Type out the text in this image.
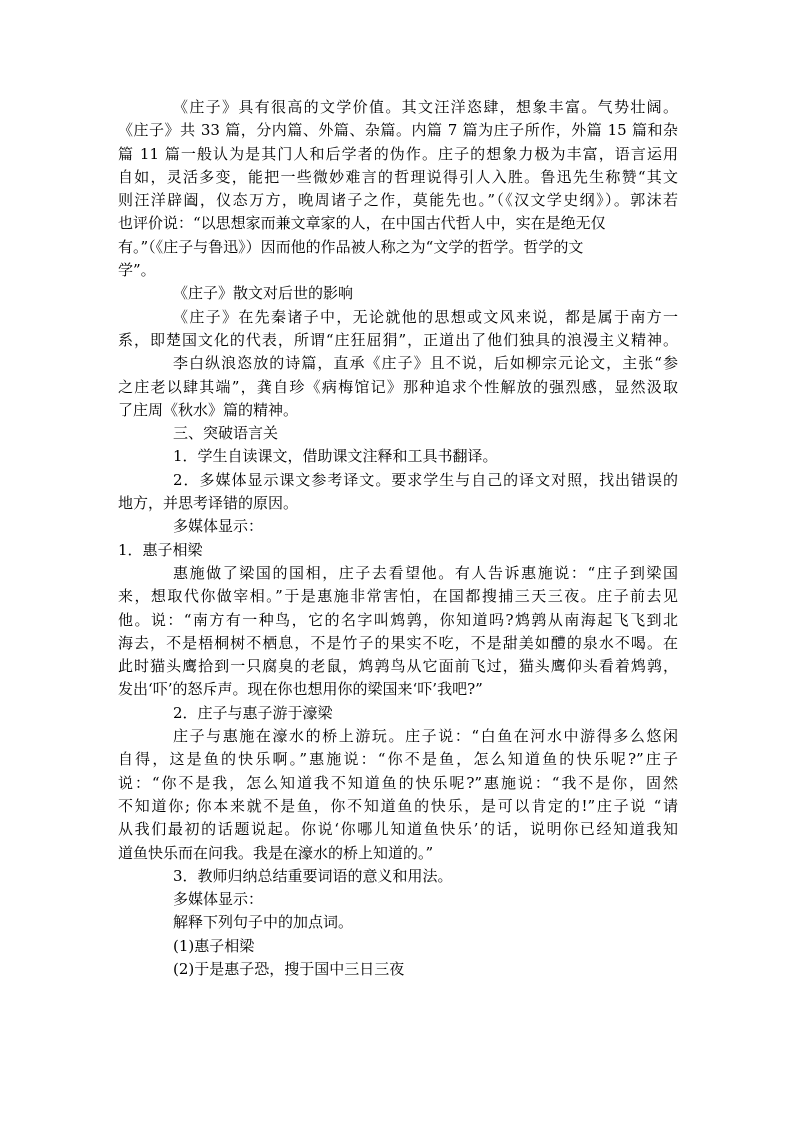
《庄子》具有很高的文学价值。其文汪洋恣肆，想象丰富。气势壮阔。
《庄子》共 33 篇，分内篇、外篇、杂篇。内篇 7 篇为庄子所作，外篇 15 篇和杂
篇 11 篇一般认为是其门人和后学者的伪作。庄子的想象力极为丰富，语言运用
自如，灵活多变，能把一些微妙难言的哲理说得引人入胜。鲁迅先生称赞“其文
则汪洋辟阖，仪态万方，晚周诸子之作，莫能先也。”（《汉文学史纲》）。郭沫若
也评价说：“以思想家而兼文章家的人，在中国古代哲人中，实在是绝无仅
有。”（《庄子与鲁迅》）因而他的作品被人称之为“文学的哲学。哲学的文
学”。
《庄子》散文对后世的影响
《庄子》在先秦诸子中，无论就他的思想或文风来说，都是属于南方一
系，即楚国文化的代表，所谓“庄狂屈狷”，正道出了他们独具的浪漫主义精神。
李白纵浪恣放的诗篇，直承《庄子》且不说，后如柳宗元论文，主张“参
之庄老以肆其端”，龚自珍《病梅馆记》那种追求个性解放的强烈感，显然汲取
了庄周《秋水》篇的精神。
三、突破语言关
1．学生自读课文，借助课文注释和工具书翻译。
2．多媒体显示课文参考译文。要求学生与自己的译文对照，找出错误的
地方，并思考译错的原因。
多媒体显示：
1．惠子相梁
惠施做了梁国的国相，庄子去看望他。有人告诉惠施说：“庄子到梁国
来，想取代你做宰相。”于是惠施非常害怕，在国都搜捕三天三夜。庄子前去见
他。说：“南方有一种鸟，它的名字叫鸩鹑，你知道吗?鸩鹑从南海起飞飞到北
海去，不是梧桐树不栖息，不是竹子的果实不吃，不是甜美如醴的泉水不喝。在
此时猫头鹰拾到一只腐臭的老鼠，鸩鹑鸟从它面前飞过，猫头鹰仰头看着鸩鹑，
发出‘吓’的怒斥声。现在你也想用你的梁国来‘吓’我吧?”
2．庄子与惠子游于濠梁
庄子与惠施在濠水的桥上游玩。庄子说：“白鱼在河水中游得多么悠闲
自得，这是鱼的快乐啊。”惠施说：“你不是鱼，怎么知道鱼的快乐呢?”庄子
说：“你不是我，怎么知道我不知道鱼的快乐呢?”惠施说：“我不是你，固然
不知道你; 你本来就不是鱼，你不知道鱼的快乐，是可以肯定的!”庄子说 “请
从我们最初的话题说起。你说‘你哪儿知道鱼快乐’的话，说明你已经知道我知
道鱼快乐而在问我。我是在濠水的桥上知道的。”
3．教师归纳总结重要词语的意义和用法。
多媒体显示：
解释下列句子中的加点词。
(1)惠子相梁
(2)于是惠子恐，搜于国中三日三夜
